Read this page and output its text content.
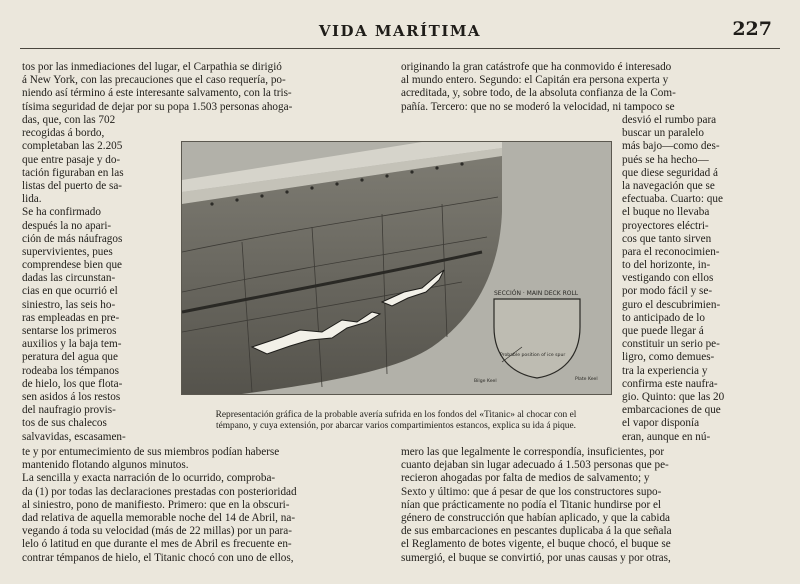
VIDA MARÍTIMA	227
tos por las inmediaciones del lugar, el Carpathia se dirigió
á New York, con las precauciones que el caso requería, po-
niendo así término á este interesante salvamento, con la tris-
tísima seguridad de dejar por su popa 1.503 personas ahoga-
das, que, con las 702
recogidas á bordo,
completaban las 2.205
que entre pasaje y do-
tación figuraban en las
listas del puerto de sa-
lida.
Se ha confirmado
después la no apari-
ción de más náufragos
supervivientes, pues
comprendese bien que
dadas las circunstan-
cias en que ocurrió el
siniestro, las seis ho-
ras empleadas en pre-
sentarse los primeros
auxilios y la baja tem-
peratura del agua que
rodeaba los témpanos
de hielo, los que flota-
sen asidos á los restos
del naufragio provis-
tos de sus chalecos
salvavidas, escasamen-
te y por entumecimiento de sus miembros podían haberse
mantenido flotando algunos minutos.
La sencilla y exacta narración de lo ocurrido, comproba-
da (1) por todas las declaraciones prestadas con posterioridad
al siniestro, pono de manifiesto. Primero: que en la obscuri-
dad relativa de aquella memorable noche del 14 de Abril, na-
vegando á toda su velocidad (más de 22 millas) por un para-
lelo ó latitud en que durante el mes de Abril es frecuente en-
contrar témpanos de hielo, el Titanic chocó con uno de ellos,
originando la gran catástrofe que ha conmovido é interesado
al mundo entero. Segundo: el Capitán era persona experta y
acreditada, y, sobre todo, de la absoluta confianza de la Com-
pañía. Tercero: que no se moderó la velocidad, ni tampoco se
desvió el rumbo para
buscar un paralelo
más bajo—como des-
pués se ha hecho—
que diese seguridad á
la navegación que se
efectuaba. Cuarto: que
el buque no llevaba
proyectores eléctri-
cos que tanto sirven
para el reconocimien-
to del horizonte, in-
vestigando con ellos
por modo fácil y se-
guro el descubrimien-
to anticipado de lo
que puede llegar á
constituir un serio pe-
ligro, como demues-
tra la experiencia y
confirma este naufra-
gio. Quinto: que las 20
embarcaciones de que
el vapor disponía
eran, aunque en nú-
mero las que legalmente le correspondía, insuficientes, por
cuanto dejaban sin lugar adecuado á 1.503 personas que pe-
recieron ahogadas por falta de medios de salvamento; y
Sexto y último: que á pesar de que los constructores supo-
nían que prácticamente no podía el Titanic hundirse por el
género de construcción que habían aplicado, y que la cabida
de sus embarcaciones en pescantes duplicaba á la que señala
el Reglamento de botes vigente, el buque chocó, el buque se
sumergió, el buque se convirtió, por unas causas y por otras,
SECCIÓN · MAIN DECK ROLL
Probable position of ice spur
Bilge Keel	Plate Keel
Representación gráfica de la probable avería sufrida en los fondos del «Titanic» al chocar con el
témpano, y cuya extensión, por abarcar varios compartimientos estancos, explica su ida á pique.
